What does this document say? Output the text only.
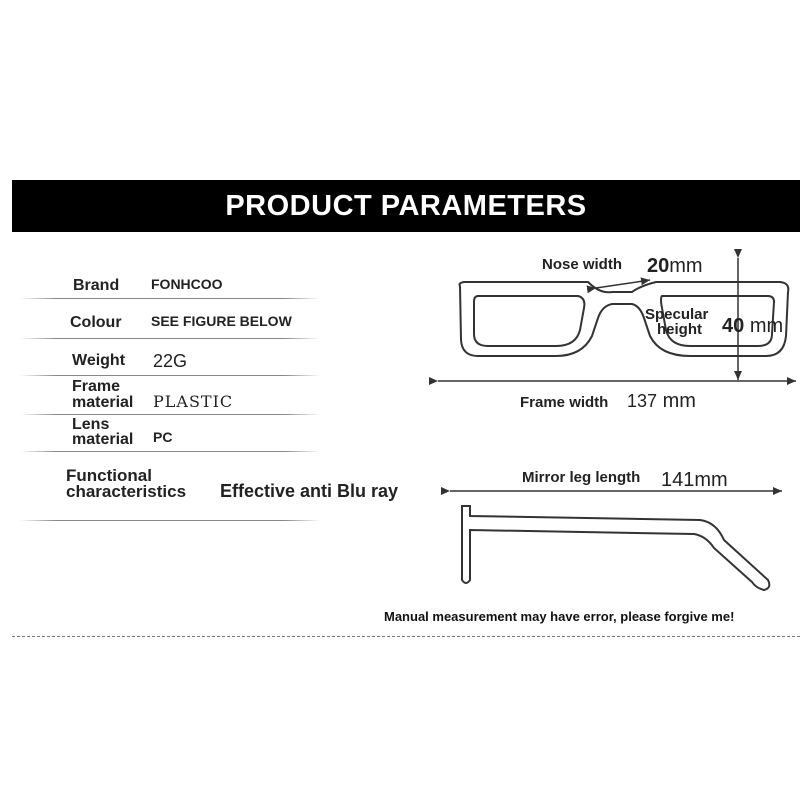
PRODUCT PARAMETERS
Brand FONHCOO
Colour SEE FIGURE BELOW
Weight 22G
Frame
material PLASTIC
Lens
material PC
Functional
characteristics Effective anti Blu ray
Nose width 20mm
Specular
height 40 mm
Frame width 137 mm
Mirror leg length 141mm
Manual measurement may have error, please forgive me!
